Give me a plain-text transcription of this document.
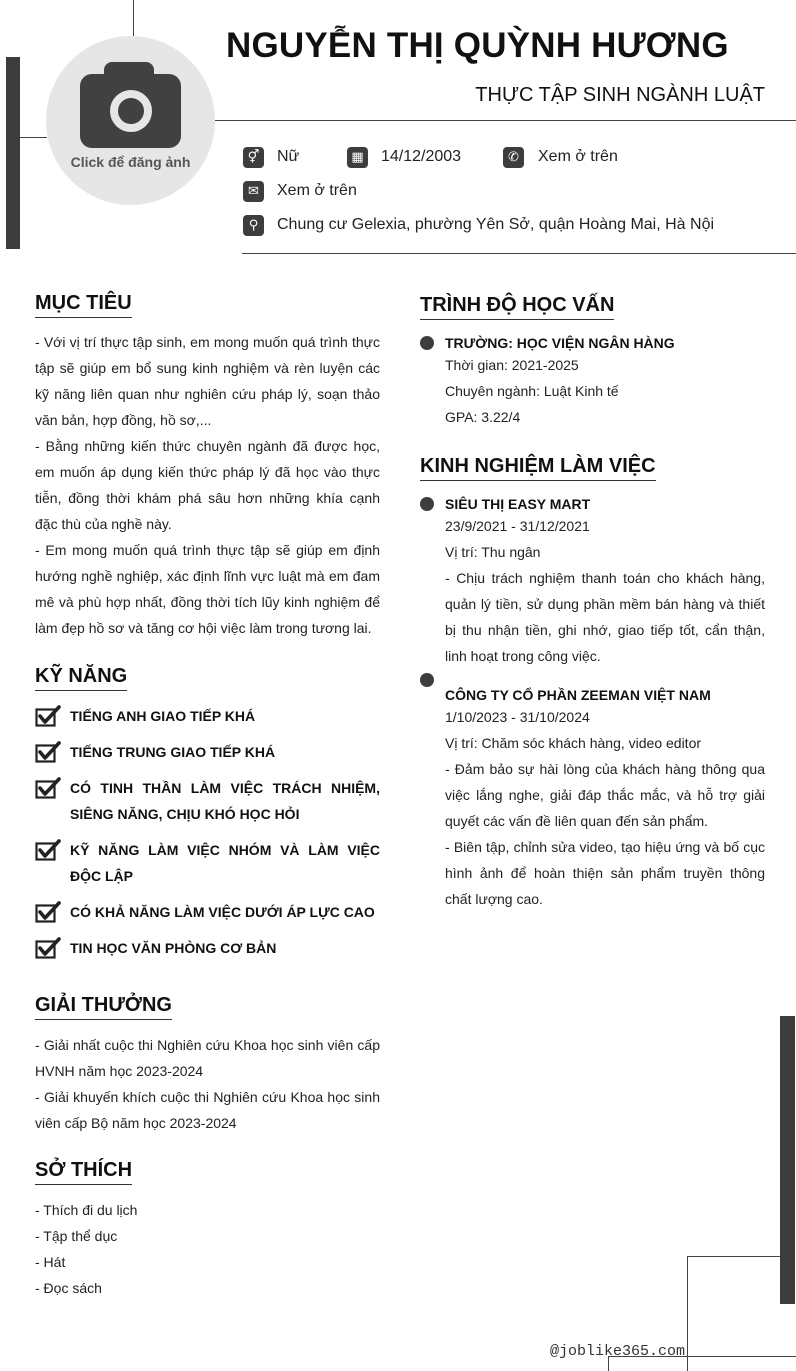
Click để đăng ảnh
NGUYỄN THỊ QUỲNH HƯƠNG
THỰC TẬP SINH NGÀNH LUẬT
⚥ Nữ	▦ 14/12/2003	✆	Xem ở trên
✉	Xem ở trên
⚲	Chung cư Gelexia, phường Yên Sở, quận Hoàng Mai, Hà Nội
MỤC TIÊU
- Với vị trí thực tập sinh, em mong muốn quá trình thực tập sẽ giúp em bổ sung kinh nghiệm và rèn luyện các kỹ năng liên quan như nghiên cứu pháp lý, soạn thảo văn bản, hợp đồng, hồ sơ,...
- Bằng những kiến thức chuyên ngành đã được học, em muốn áp dụng kiến thức pháp lý đã học vào thực tiễn, đồng thời khám phá sâu hơn những khía cạnh đặc thù của nghề này.
- Em mong muốn quá trình thực tập sẽ giúp em định hướng nghề nghiệp, xác định lĩnh vực luật mà em đam mê và phù hợp nhất, đồng thời tích lũy kinh nghiệm để làm đẹp hồ sơ và tăng cơ hội việc làm trong tương lai.
KỸ NĂNG
TIẾNG ANH GIAO TIẾP KHÁ
TIẾNG TRUNG GIAO TIẾP KHÁ
CÓ TINH THẦN LÀM VIỆC TRÁCH NHIỆM, SIÊNG NĂNG, CHỊU KHÓ HỌC HỎI
KỸ NĂNG LÀM VIỆC NHÓM VÀ LÀM VIỆC ĐỘC LẬP
CÓ KHẢ NĂNG LÀM VIỆC DƯỚI ÁP LỰC CAO
TIN HỌC VĂN PHÒNG CƠ BẢN
GIẢI THƯỞNG
- Giải nhất cuộc thi Nghiên cứu Khoa học sinh viên cấp HVNH năm học 2023-2024
- Giải khuyến khích cuộc thi Nghiên cứu Khoa học sinh viên cấp Bộ năm học 2023-2024
SỞ THÍCH
- Thích đi du lịch
- Tập thể dục
- Hát
- Đọc sách
TRÌNH ĐỘ HỌC VẤN
TRƯỜNG: HỌC VIỆN NGÂN HÀNG
Thời gian: 2021-2025
Chuyên ngành: Luật Kinh tế
GPA: 3.22/4
KINH NGHIỆM LÀM VIỆC
SIÊU THỊ EASY MART
23/9/2021 - 31/12/2021
Vị trí: Thu ngân
- Chịu trách nghiệm thanh toán cho khách hàng, quản lý tiền, sử dụng phần mềm bán hàng và thiết bị thu nhận tiền, ghi nhớ, giao tiếp tốt, cẩn thận, linh hoạt trong công việc.
CÔNG TY CỔ PHẦN ZEEMAN VIỆT NAM
1/10/2023 - 31/10/2024
Vị trí: Chăm sóc khách hàng, video editor
- Đảm bảo sự hài lòng của khách hàng thông qua việc lắng nghe, giải đáp thắc mắc, và hỗ trợ giải quyết các vấn đề liên quan đến sản phẩm.
- Biên tập, chỉnh sửa video, tạo hiệu ứng và bố cục hình ảnh để hoàn thiện sản phẩm truyền thông chất lượng cao.
@joblike365.com
